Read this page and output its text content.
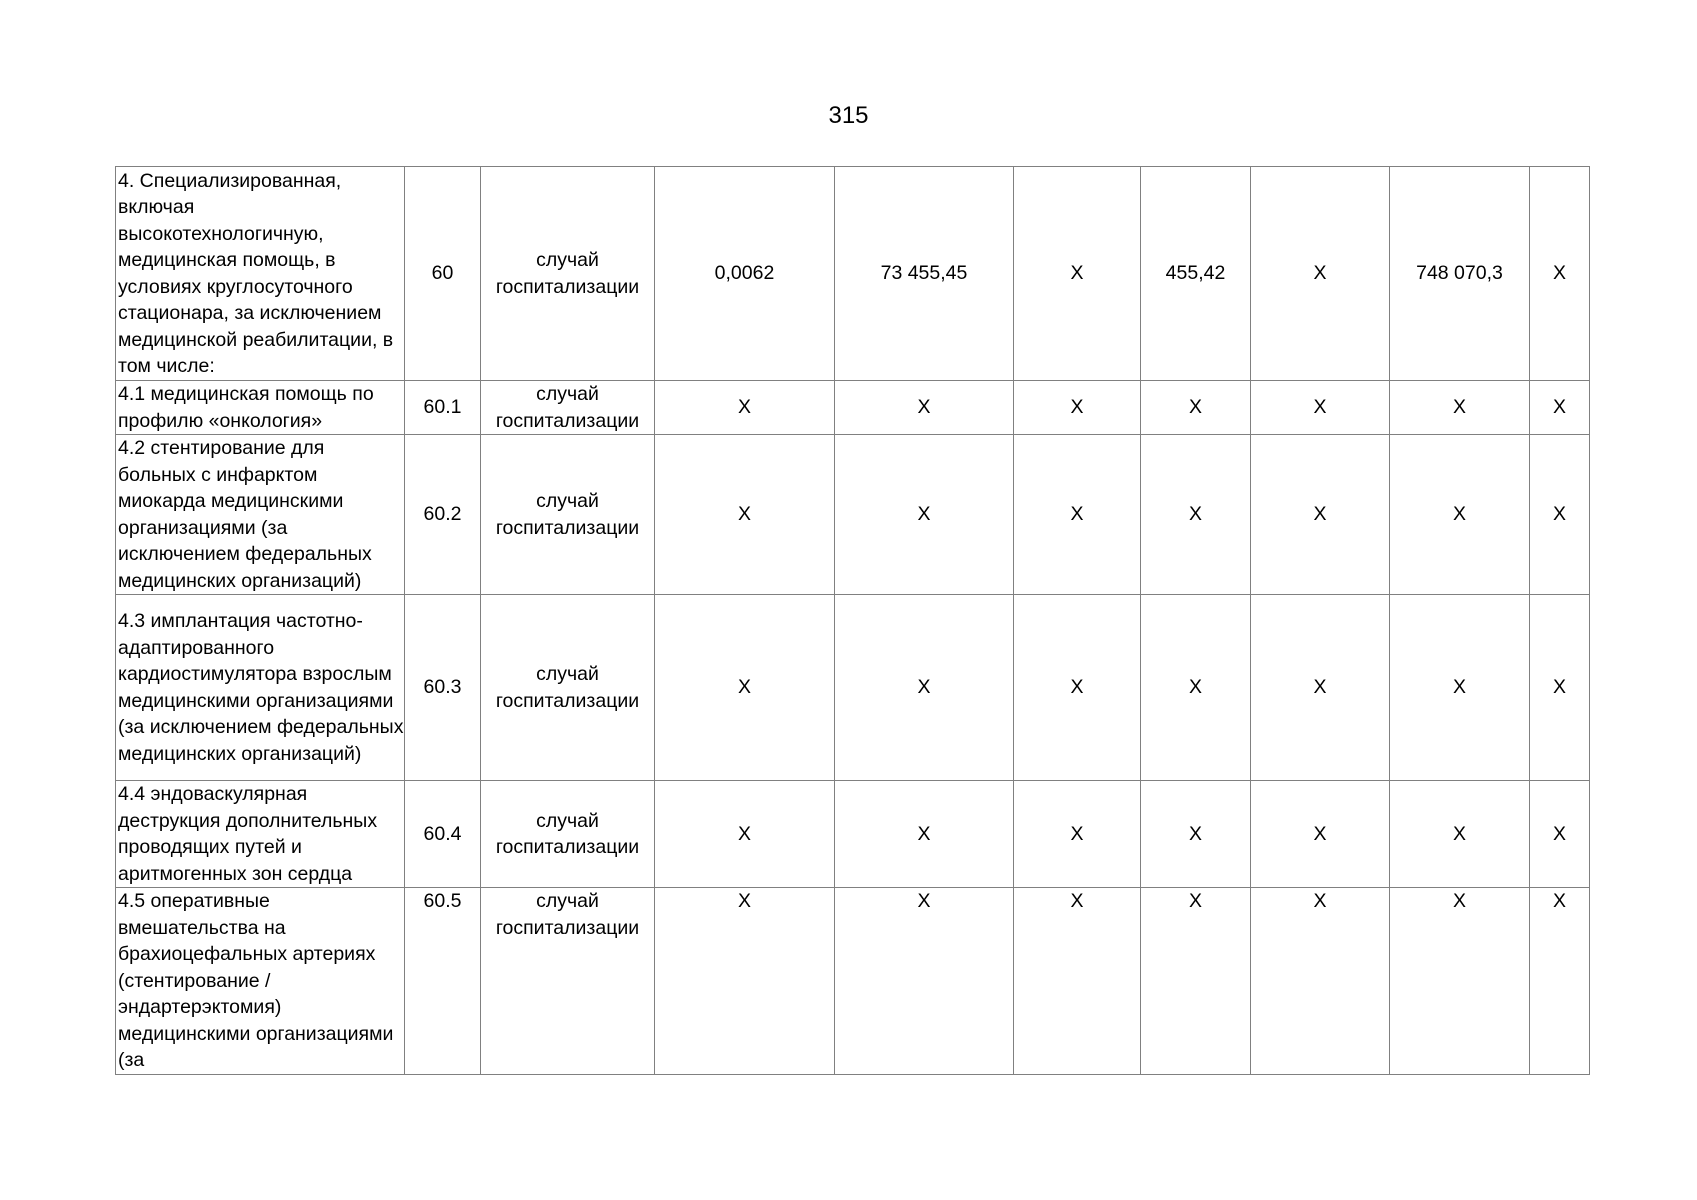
315
4. Специализированная, включая высокотехнологичную, медицинская помощь, в условиях круглосуточного стационара, за исключением медицинской реабилитации, в том числе:	60	случай госпитализации	0,0062	73 455,45	Х	455,42	Х	748 070,3	Х
4.1 медицинская помощь по профилю «онкология»	60.1	случай госпитализации	Х	Х	Х	Х	Х	Х	Х
4.2 стентирование для больных с инфарктом миокарда медицинскими организациями (за исключением федеральных медицинских организаций)	60.2	случай госпитализации	Х	Х	Х	Х	Х	Х	Х
4.3 имплантация частотно-адаптированного кардиостимулятора взрослым медицинскими организациями (за исключением федеральных медицинских организаций)	60.3	случай госпитализации	Х	Х	Х	Х	Х	Х	Х
4.4 эндоваскулярная деструкция дополнительных проводящих путей и аритмогенных зон сердца	60.4	случай госпитализации	Х	Х	Х	Х	Х	Х	Х
4.5 оперативные вмешательства на брахиоцефальных артериях (стентирование / эндартерэктомия) медицинскими организациями (за	60.5	случай госпитализации	Х	Х	Х	Х	Х	Х	Х
